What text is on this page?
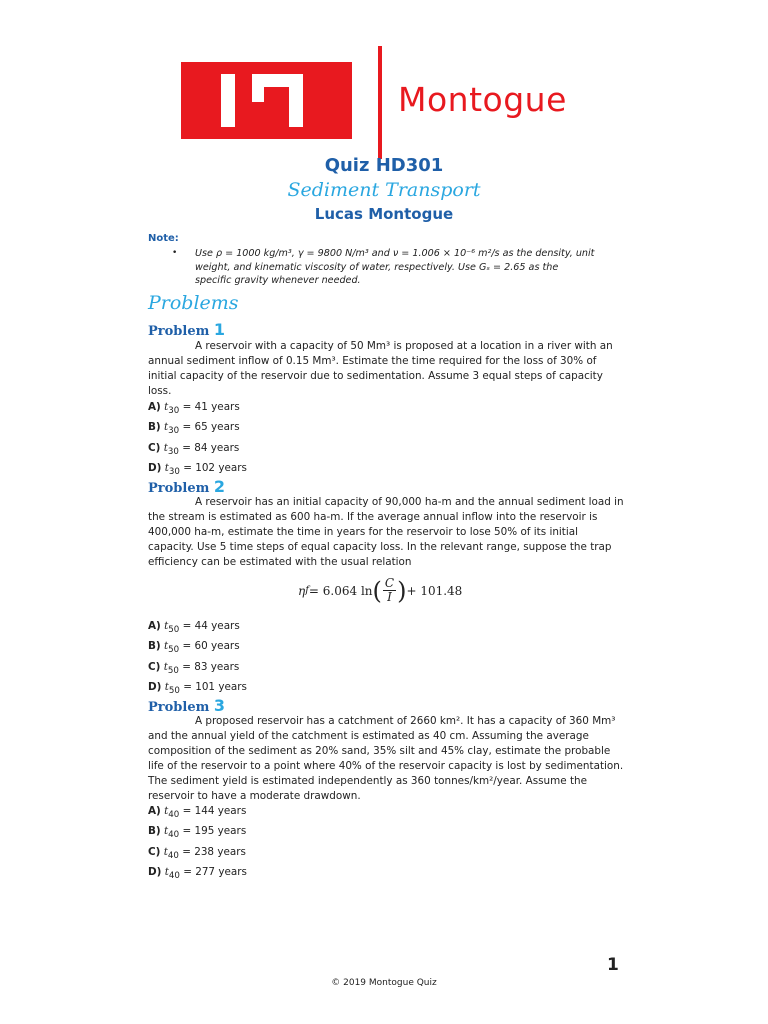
Montogue
Quiz HD301
Sediment Transport
Lucas Montogue
Note:
• Use ρ = 1000 kg/m³, γ = 9800 N/m³ and ν = 1.006 × 10⁻⁶ m²/s as the density, unit weight, and kinematic viscosity of water, respectively. Use Gₛ = 2.65 as the specific gravity whenever needed.
Problems
Problem 1
A reservoir with a capacity of 50 Mm³ is proposed at a location in a river with an annual sediment inflow of 0.15 Mm³. Estimate the time required for the loss of 30% of initial capacity of the reservoir due to sedimentation. Assume 3 equal steps of capacity loss.
A) $t_{30} = 41$ years
B) $t_{30} = 65$ years
C) $t_{30} = 84$ years
D) $t_{30} = 102$ years
Problem 2
A reservoir has an initial capacity of 90,000 ha-m and the annual sediment load in the stream is estimated as 600 ha-m. If the average annual inflow into the reservoir is 400,000 ha-m, estimate the time in years for the reservoir to lose 50% of its initial capacity. Use 5 time steps of equal capacity loss. In the relevant range, suppose the trap efficiency can be estimated with the usual relation
η f = 6.064 ln ( $\frac{C}{I}$ ) + 101.48
A) $t_{50} = 44$ years
B) $t_{50} = 60$ years
C) $t_{50} = 83$ years
D) $t_{50} = 101$ years
Problem 3
A proposed reservoir has a catchment of 2660 km². It has a capacity of 360 Mm³ and the annual yield of the catchment is estimated as 40 cm. Assuming the average composition of the sediment as 20% sand, 35% silt and 45% clay, estimate the probable life of the reservoir to a point where 40% of the reservoir capacity is lost by sedimentation. The sediment yield is estimated independently as 360 tonnes/km²/year. Assume the reservoir to have a moderate drawdown.
A) $t_{40} = 144$ years
B) $t_{40} = 195$ years
C) $t_{40} = 238$ years
D) $t_{40} = 277$ years
1
© 2019 Montogue Quiz
